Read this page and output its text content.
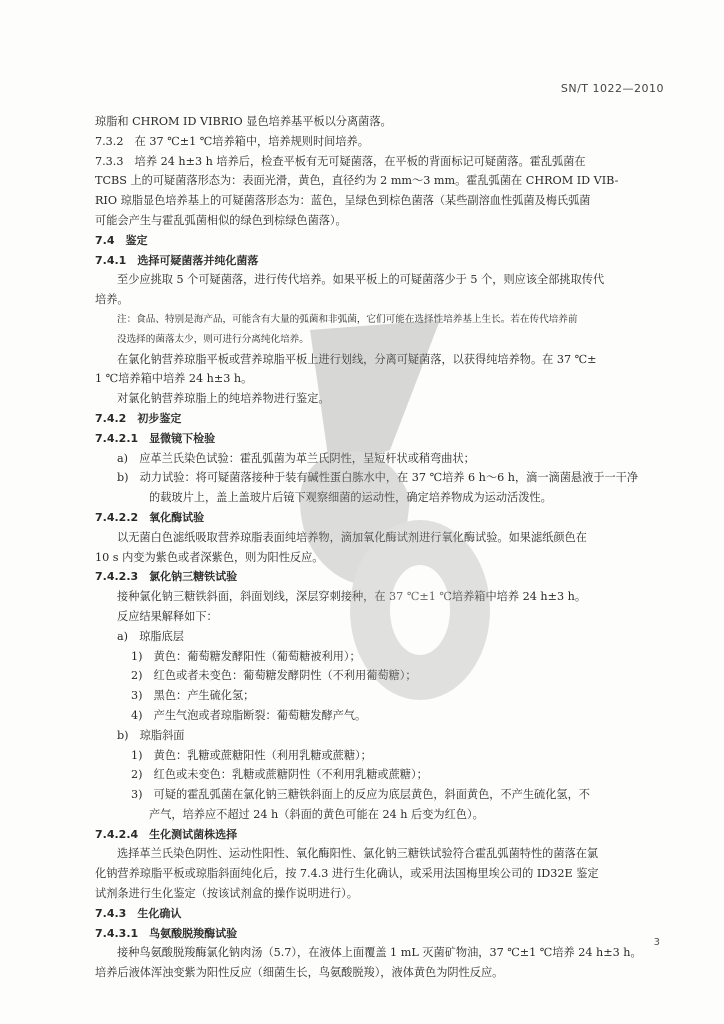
SN/T 1022—2010
琼脂和 CHROM ID VIBRIO 显色培养基平板以分离菌落。
7.3.2　在 37 ℃±1 ℃培养箱中，培养规则时间培养。
7.3.3　培养 24 h±3 h 培养后，检查平板有无可疑菌落，在平板的背面标记可疑菌落。霍乱弧菌在
TCBS 上的可疑菌落形态为：表面光滑，黄色，直径约为 2 mm～3 mm。霍乱弧菌在 CHROM ID VIB-
RIO 琼脂显色培养基上的可疑菌落形态为：蓝色，呈绿色到棕色菌落（某些副溶血性弧菌及梅氏弧菌
可能会产生与霍乱弧菌相似的绿色到棕绿色菌落）。
7.4　鉴定
7.4.1　选择可疑菌落并纯化菌落
至少应挑取 5 个可疑菌落，进行传代培养。如果平板上的可疑菌落少于 5 个，则应该全部挑取传代
培养。
注：食品、特别是海产品，可能含有大量的弧菌和非弧菌，它们可能在选择性培养基上生长。若在传代培养前
没选择的菌落太少，则可进行分离纯化培养。
在氯化钠营养琼脂平板或营养琼脂平板上进行划线，分离可疑菌落，以获得纯培养物。在 37 ℃±
1 ℃培养箱中培养 24 h±3 h。
对氯化钠营养琼脂上的纯培养物进行鉴定。
7.4.2　初步鉴定
7.4.2.1　显微镜下检验
a)　应革兰氏染色试验：霍乱弧菌为革兰氏阴性，呈短杆状或稍弯曲状；
b)　动力试验：将可疑菌落接种于装有碱性蛋白胨水中，在 37 ℃培养 6 h～6 h，滴一滴菌悬液于一干净
的载玻片上，盖上盖玻片后镜下观察细菌的运动性，确定培养物成为运动活泼性。
7.4.2.2　氧化酶试验
以无菌白色滤纸吸取营养琼脂表面纯培养物，滴加氧化酶试剂进行氧化酶试验。如果滤纸颜色在
10 s 内变为紫色或者深紫色，则为阳性反应。
7.4.2.3　氯化钠三糖铁试验
接种氯化钠三糖铁斜面，斜面划线，深层穿刺接种，在 37 ℃±1 ℃培养箱中培养 24 h±3 h。
反应结果解释如下：
a)　琼脂底层
1)　黄色：葡萄糖发酵阳性（葡萄糖被利用）；
2)　红色或者未变色：葡萄糖发酵阴性（不利用葡萄糖）；
3)　黑色：产生硫化氢；
4)　产生气泡或者琼脂断裂：葡萄糖发酵产气。
b)　琼脂斜面
1)　黄色：乳糖或蔗糖阳性（利用乳糖或蔗糖）；
2)　红色或未变色：乳糖或蔗糖阴性（不利用乳糖或蔗糖）；
3)　可疑的霍乱弧菌在氯化钠三糖铁斜面上的反应为底层黄色，斜面黄色，不产生硫化氢，不
产气，培养应不超过 24 h（斜面的黄色可能在 24 h 后变为红色）。
7.4.2.4　生化测试菌株选择
选择革兰氏染色阴性、运动性阳性、氧化酶阳性、氯化钠三糖铁试验符合霍乱弧菌特性的菌落在氯
化钠营养琼脂平板或琼脂斜面纯化后，按 7.4.3 进行生化确认，或采用法国梅里埃公司的 ID32E 鉴定
试剂条进行生化鉴定（按该试剂盒的操作说明进行）。
7.4.3　生化确认
7.4.3.1　鸟氨酸脱羧酶试验
接种鸟氨酸脱羧酶氯化钠肉汤（5.7），在液体上面覆盖 1 mL 灭菌矿物油，37 ℃±1 ℃培养 24 h±3 h。
培养后液体浑浊变紫为阳性反应（细菌生长，鸟氨酸脱羧），液体黄色为阴性反应。
3
